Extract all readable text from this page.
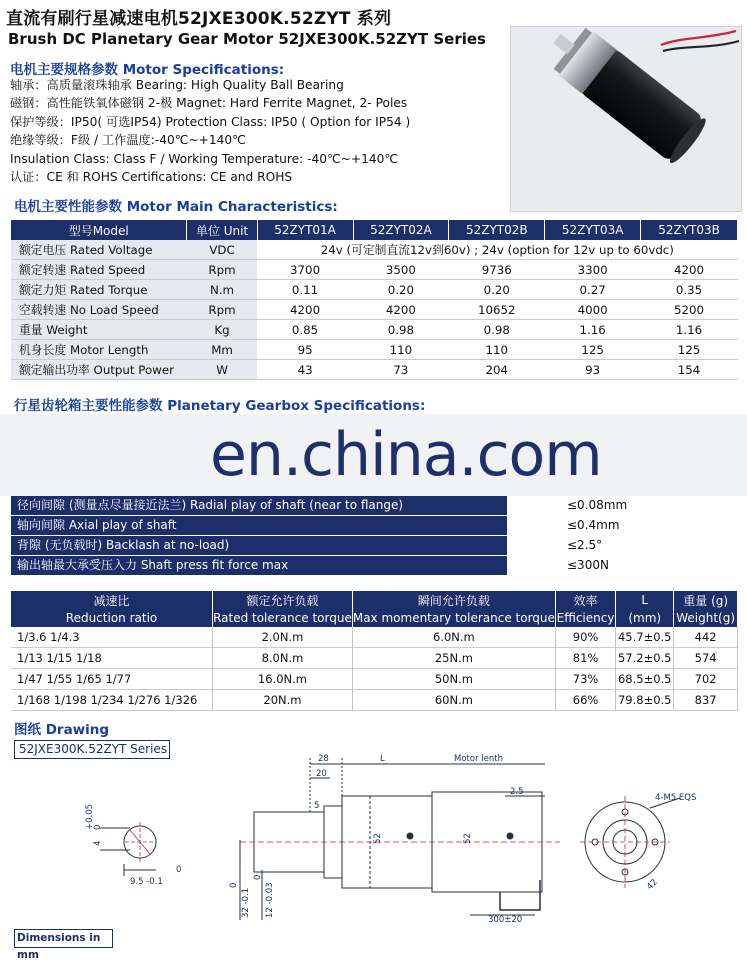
直流有刷行星减速电机52JXE300K.52ZYT 系列
Brush DC Planetary Gear Motor 52JXE300K.52ZYT Series
电机主要规格参数 Motor Specifications:
轴承：高质量滚珠轴承 Bearing: High Quality Ball Bearing
磁钢：高性能铁氧体磁钢 2-极 Magnet: Hard Ferrite Magnet, 2- Poles
保护等级：IP50( 可选IP54) Protection Class: IP50 ( Option for IP54 )
绝缘等级：F级 / 工作温度:-40℃~+140℃
Insulation Class: Class F / Working Temperature: -40℃~+140℃
认证：CE 和 ROHS Certifications: CE and ROHS
电机主要性能参数 Motor Main Characteristics:
型号Model	单位 Unit	52ZYT01A	52ZYT02A	52ZYT02B	52ZYT03A	52ZYT03B
额定电压 Rated Voltage	VDC	24v (可定制直流12v到60v) ; 24v (option for 12v up to 60vdc)				
额定转速 Rated Speed	Rpm	3700	3500	9736	3300	4200
额定力矩 Rated Torque	N.m	0.11	0.20	0.20	0.27	0.35
空载转速 No Load Speed	Rpm	4200	4200	10652	4000	5200
重量 Weight	Kg	0.85	0.98	0.98	1.16	1.16
机身长度 Motor Length	Mm	95	110	110	125	125
额定输出功率 Output Power	W	43	73	204	93	154
行星齿轮箱主要性能参数 Planetary Gearbox Specifications:
en.china.com
径向间隙 (测量点尽量接近法兰) Radial play of shaft (near to flange)	≤0.08mm
轴向间隙 Axial play of shaft	≤0.4mm
背隙 (无负载时) Backlash at no-load)	≤2.5°
输出轴最大承受压入力 Shaft press fit force max	≤300N
减速比	额定允许负载	瞬间允许负载	效率	L	重量 (g)
Reduction ratio	Rated tolerance torque	Max momentary tolerance torque	Efficiency	(mm)	Weight(g)
1/3.6 1/4.3	2.0N.m	6.0N.m	90%	45.7±0.5	442
1/13 1/15 1/18	8.0N.m	25N.m	81%	57.2±0.5	574
1/47 1/55 1/65 1/77	16.0N.m	50N.m	73%	68.5±0.5	702
1/168 1/198 1/234 1/276 1/326	20N.m	60N.m	66%	79.8±0.5	837
图纸 Drawing
52JXE300K.52ZYT Series
28
20
L	Motor lenth
2.5
5
52	52
32 -0.1 12 -0.03
0
0
300±20
4-M5 EQS
42
+0.05
0
4
9.5 -0.1
0
Dimensions in mm
